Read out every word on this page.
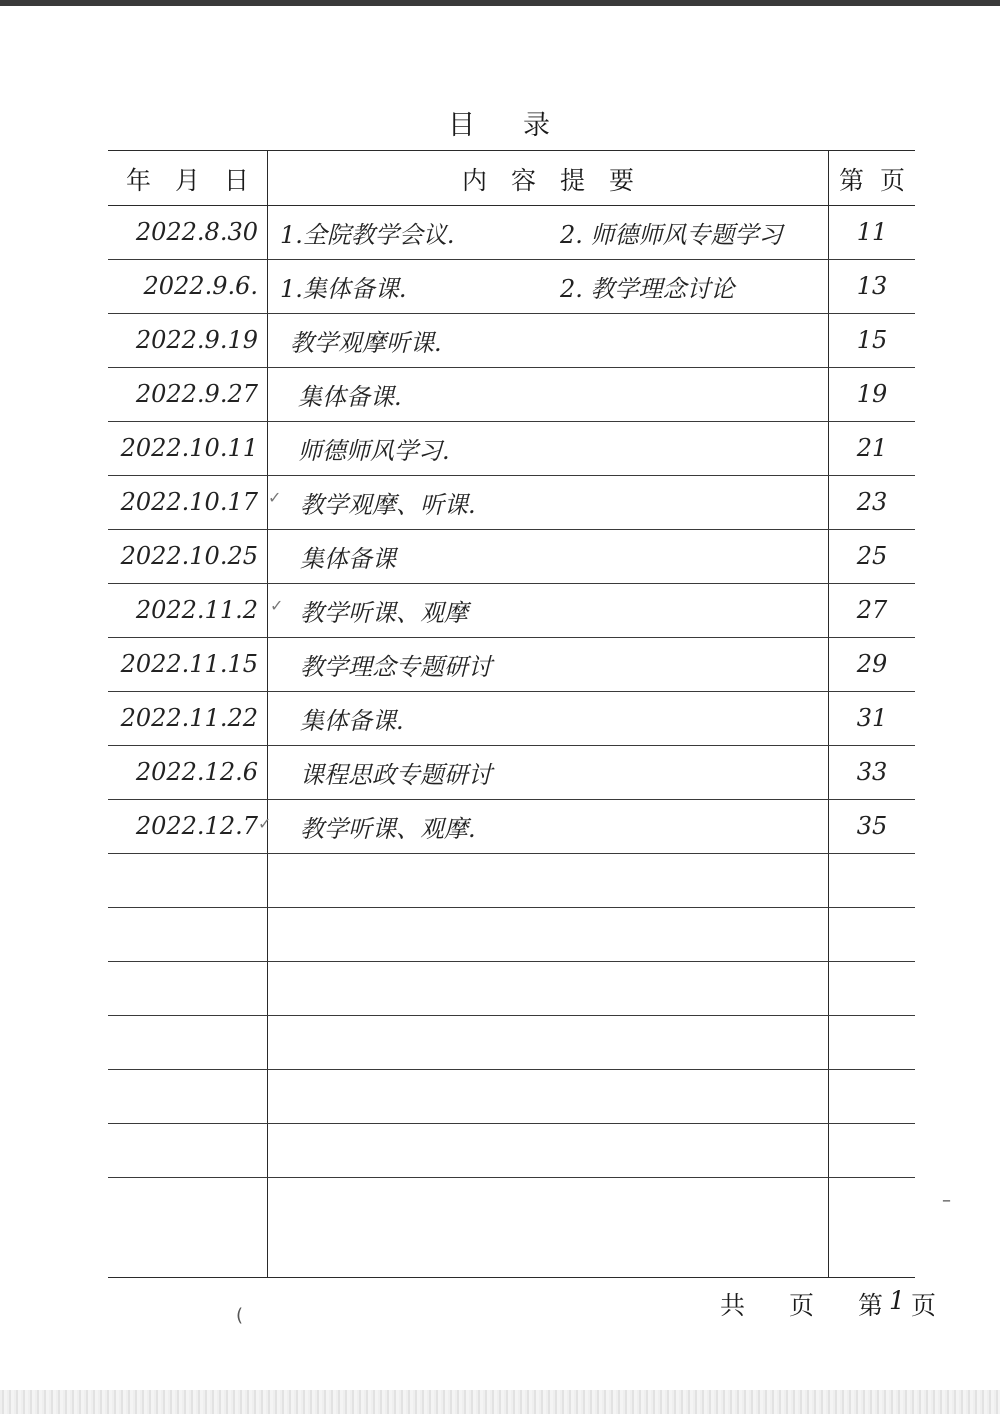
目 录
年 月 日	内 容 提 要	第 页
2022.8.30 1.全院教学会议.	2. 师德师风专题学习	11
2022.9.6. 1.集体备课.	2. 教学理念讨论	13
2022.9.19 教学观摩听课.	15
2022.9.27 集体备课.	19
2022.10.11 师德师风学习.	21
2022.10.17 教学观摩、听课.	23
2022.10.25 集体备课	25
2022.11.2 教学听课、观摩	27
2022.11.15 教学理念专题研讨	29
2022.11.22 集体备课.	31
2022.12.6 课程思政专题研讨	33
2022.12.7 教学听课、观摩.	35
✓
✓
✓
共 页 第 1 页
(
–
